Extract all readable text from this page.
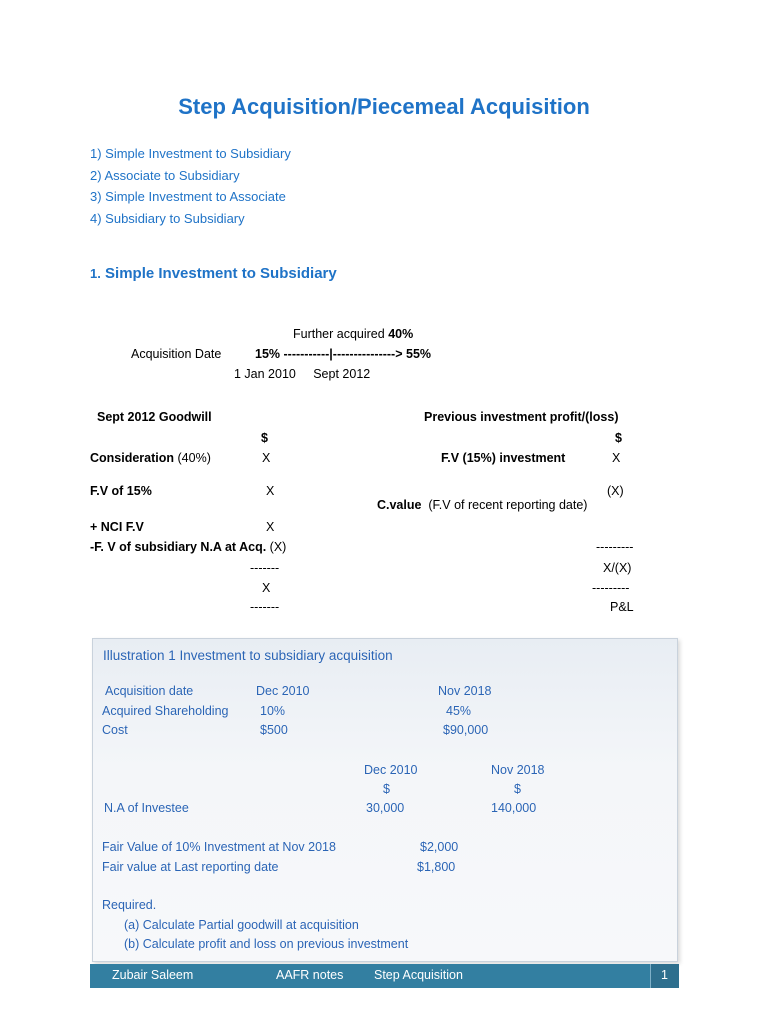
Step Acquisition/Piecemeal Acquisition
1) Simple Investment to Subsidiary
2) Associate to Subsidiary
3) Simple Investment to Associate
4) Subsidiary to Subsidiary
1. Simple Investment to Subsidiary
Further acquired 40%
Acquisition Date	15% -----------|---------------> 55%
1 Jan 2010     Sept 2012
Sept 2012 Goodwill
$
Consideration (40%)	X
F.V of 15%	X
+ NCI F.V	X
-F. V of subsidiary N.A at Acq. (X)
-------
X
-------
Previous investment profit/(loss)
$
F.V (15%) investment	X

C.value  (F.V of recent reporting date)

(X)
---------
X/(X)
---------
P&L
Illustration 1 Investment to subsidiary acquisition
Acquisition date	Dec 2010	Nov 2018
Acquired Shareholding	10%	45%
Cost	$500	$90,000
Dec 2010	Nov 2018
$	$
N.A of Investee	30,000	140,000
Fair Value of 10% Investment at Nov 2018	$2,000
Fair value at Last reporting date	$1,800
Required.
(a) Calculate Partial goodwill at acquisition
(b) Calculate profit and loss on previous investment
Zubair Saleem	AAFR notes Step Acquisition	1
